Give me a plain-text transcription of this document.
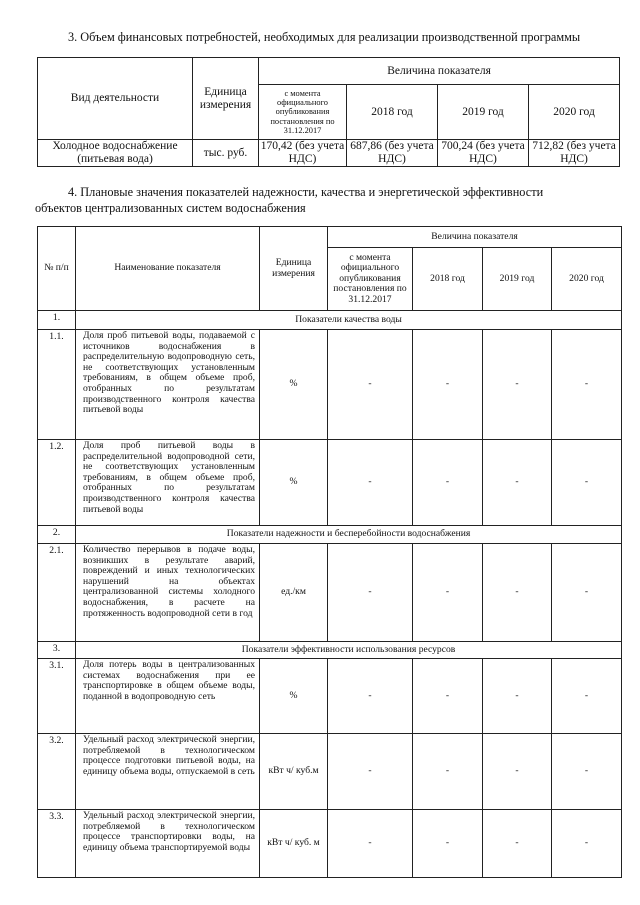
3. Объем финансовых потребностей, необходимых для реализации производственной программы
Вид деятельности	Единица измерения	Величина показателя			
		с момента официального опубликования постановления по 31.12.2017	2018 год	2019 год	2020 год
Холодное водоснабжение (питьевая вода)	тыс. руб.	170,42 (без учета НДС)	687,86 (без учета НДС)	700,24 (без учета НДС)	712,82 (без учета НДС)
4. Плановые значения показателей надежности, качества и энергетической эффективности
объектов централизованных систем водоснабжения
№ п/п	Наименование показателя	Единица измерения	Величина показателя			
			с момента официального опубликования постановления по 31.12.2017	2018 год	2019 год	2020 год
1.	Показатели качества воды					
1.1.	Доля проб питьевой воды, подаваемой с источников водоснабжения в распределительную водопроводную сеть, не соответствующих установленным требованиям, в общем объеме проб, отобранных по результатам производственного контроля качества питьевой воды	%	-	-	-	-
1.2.	Доля проб питьевой воды в распределительной водопроводной сети, не соответствующих установленным требованиям, в общем объеме проб, отобранных по результатам производственного контроля качества питьевой воды	%	-	-	-	-
2.	Показатели надежности и бесперебойности водоснабжения					
2.1.	Количество перерывов в подаче воды, возникших в результате аварий, повреждений и иных технологических нарушений на объектах централизованной системы холодного водоснабжения, в расчете на протяженность водопроводной сети в год	ед./км	-	-	-	-
3.	Показатели эффективности использования ресурсов					
3.1.	Доля потерь воды в централизованных системах водоснабжения при ее транспортировке в общем объеме воды, поданной в водопроводную сеть	%	-	-	-	-
3.2.	Удельный расход электрической энергии, потребляемой в технологическом процессе подготовки питьевой воды, на единицу объема воды, отпускаемой в сеть	кВт ч/ куб.м	-	-	-	-
3.3.	Удельный расход электрической энергии, потребляемой в технологическом процессе транспортировки воды, на единицу объема транспортируемой воды	кВт ч/ куб. м	-	-	-	-
